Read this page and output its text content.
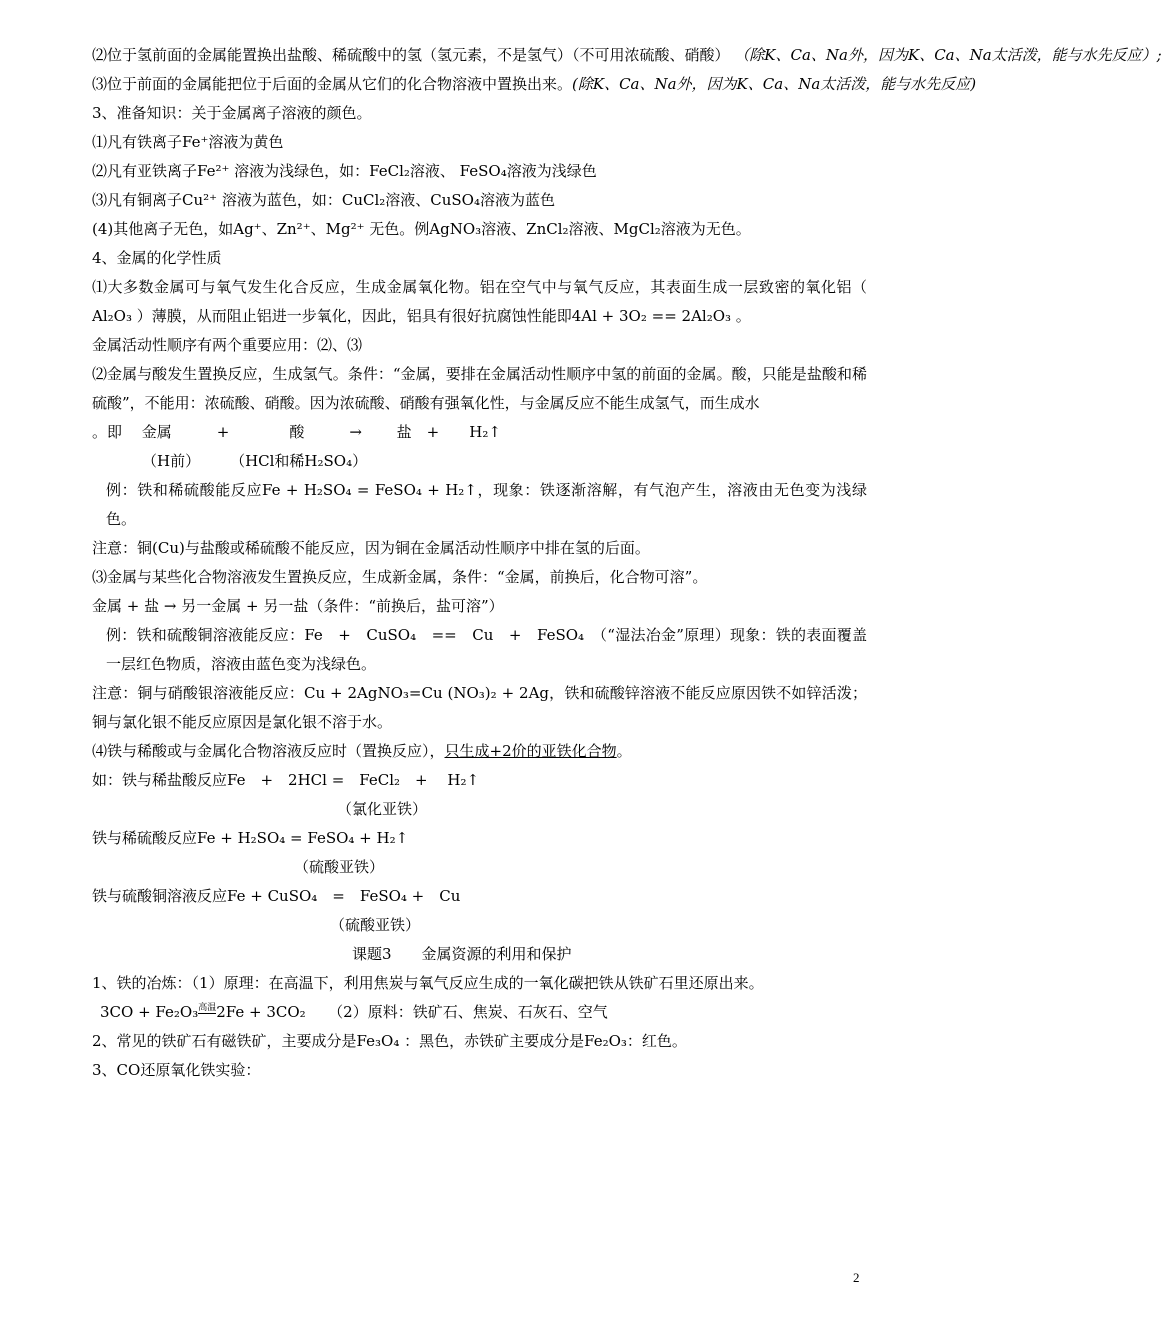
⑵位于氢前面的金属能置换出盐酸、稀硫酸中的氢（氢元素，不是氢气）（不可用浓硫酸、硝酸） （除K、Ca、Na外，因为K、Ca、Na太活泼，能与水先反应）;

⑶位于前面的金属能把位于后面的金属从它们的化合物溶液中置换出来。(除K、Ca、Na外，因为K、Ca、Na太活泼，能与水先反应)

3、准备知识：关于金属离子溶液的颜色。

⑴凡有铁离子Fe⁺溶液为黄色

⑵凡有亚铁离子Fe²⁺ 溶液为浅绿色，如：FeCl₂溶液、 FeSO₄溶液为浅绿色

⑶凡有铜离子Cu²⁺ 溶液为蓝色，如：CuCl₂溶液、CuSO₄溶液为蓝色

(4)其他离子无色，如Ag⁺、Zn²⁺、Mg²⁺ 无色。例AgNO₃溶液、ZnCl₂溶液、MgCl₂溶液为无色。

4、金属的化学性质

⑴大多数金属可与氧气发生化合反应，生成金属氧化物。铝在空气中与氧气反应，其表面生成一层致密的氧化铝（ Al₂O₃ ）薄膜，从而阻止铝进一步氧化，因此，铝具有很好抗腐蚀性能即4Al + 3O₂ == 2Al₂O₃ 。

金属活动性顺序有两个重要应用：⑵、⑶

⑵金属与酸发生置换反应，生成氢气。条件：“金属，要排在金属活动性顺序中氢的前面的金属。酸，只能是盐酸和稀硫酸”，不能用：浓硫酸、硝酸。因为浓硫酸、硝酸有强氧化性，与金属反应不能生成氢气，而生成水

。即　 金属　　　+　　　　酸　　　→　　 盐　+　　H₂↑

（H前）　　　（HCl和稀H₂SO₄）

例：铁和稀硫酸能反应Fe + H₂SO₄ = FeSO₄ + H₂↑，现象：铁逐渐溶解，有气泡产生，溶液由无色变为浅绿色。

注意：铜(Cu)与盐酸或稀硫酸不能反应，因为铜在金属活动性顺序中排在氢的后面。

⑶金属与某些化合物溶液发生置换反应，生成新金属，条件：“金属，前换后，化合物可溶”。

金属 + 盐 → 另一金属 + 另一盐（条件：“前换后，盐可溶”）

例：铁和硫酸铜溶液能反应：Fe　+　CuSO₄　==　Cu　+　FeSO₄　（“湿法冶金”原理）现象：铁的表面覆盖一层红色物质，溶液由蓝色变为浅绿色。

注意：铜与硝酸银溶液能反应：Cu + 2AgNO₃=Cu (NO₃)₂ + 2Ag，铁和硫酸锌溶液不能反应原因铁不如锌活泼；铜与氯化银不能反应原因是氯化银不溶于水。

⑷铁与稀酸或与金属化合物溶液反应时（置换反应），只生成+2价的亚铁化合物。

如：铁与稀盐酸反应Fe　+　2HCl =　FeCl₂　+　 H₂↑

（氯化亚铁）

铁与稀硫酸反应Fe + H₂SO₄ = FeSO₄ + H₂↑

（硫酸亚铁）

铁与硫酸铜溶液反应Fe + CuSO₄　=　FeSO₄ +　Cu

（硫酸亚铁）

课题3　　金属资源的利用和保护

1、铁的冶炼：（1）原理：在高温下，利用焦炭与氧气反应生成的一氧化碳把铁从铁矿石里还原出来。

3CO + Fe₂O₃高温2Fe + 3CO₂　　（2）原料：铁矿石、焦炭、石灰石、空气

2、常见的铁矿石有磁铁矿，主要成分是Fe₃O₄ ：黑色，赤铁矿主要成分是Fe₂O₃：红色。

3、CO还原氧化铁实验：

2
